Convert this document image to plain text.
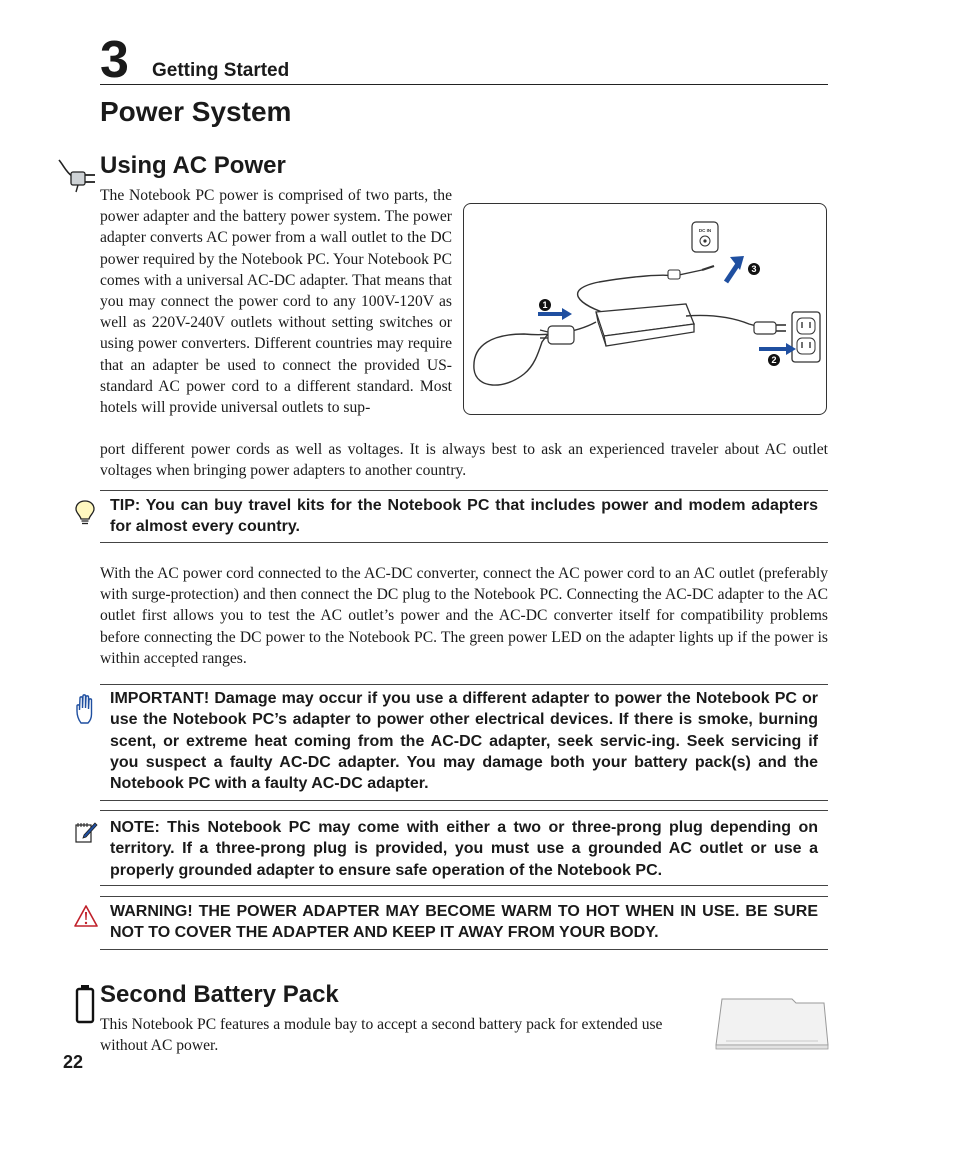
3 Getting Started
Power System
Using AC Power
The Notebook PC power is comprised of two parts, the power adapter and the battery power system. The power adapter converts AC power from a wall outlet to the DC power required by the Notebook PC. Your Notebook PC comes with a universal AC-DC adapter. That means that you may connect the power cord to any 100V-120V as well as 220V-240V outlets without setting switches or using power converters. Different countries may require that an adapter be used to connect the provided US-standard AC power cord to a different standard. Most hotels will provide universal outlets to sup-
1
2
3
DC IN
port different power cords as well as voltages. It is always best to ask an experienced traveler about AC outlet voltages when bringing power adapters to another country.
TIP: You can buy travel kits for the Notebook PC that includes power and modem adapters for almost every country.
With the AC power cord connected to the AC-DC converter, connect the AC power cord to an AC outlet (preferably with surge-protection) and then connect the DC plug to the Notebook PC. Connecting the AC-DC adapter to the AC outlet first allows you to test the AC outlet’s power and the AC-DC converter itself for compatibility problems before connecting the DC power to the Notebook PC. The green power LED on the adapter lights up if the power is within accepted ranges.
IMPORTANT! Damage may occur if you use a different adapter to power the Notebook PC or use the Notebook PC’s adapter to power other electrical devices. If there is smoke, burning scent, or extreme heat coming from the AC-DC adapter, seek servic-ing. Seek servicing if you suspect a faulty AC-DC adapter. You may damage both your battery pack(s) and the Notebook PC with a faulty AC-DC adapter.
NOTE: This Notebook PC may come with either a two or three-prong plug depending on territory. If a three-prong plug is provided, you must use a grounded AC outlet or use a properly grounded adapter to ensure safe operation of the Notebook PC.
WARNING! THE POWER ADAPTER MAY BECOME WARM TO HOT WHEN IN USE. BE SURE NOT TO COVER THE ADAPTER AND KEEP IT AWAY FROM YOUR BODY.
Second Battery Pack
This Notebook PC features a module bay to accept a second battery pack for extended use without AC power.
22
